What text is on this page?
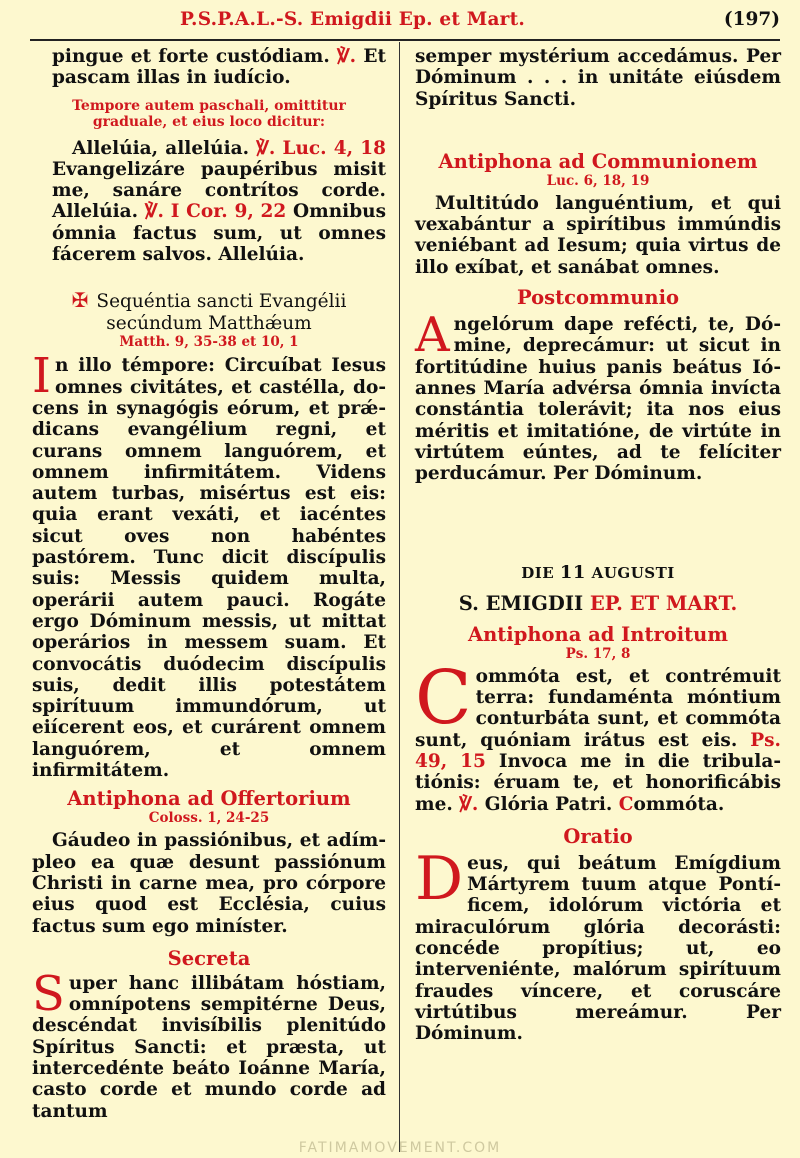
P.S.P.A.L.-S. Emigdii Ep. et Mart.	(197)

pingue et forte custódiam. ℣. Et pascam illas in iudício.

Tempore autem paschali, omittitur graduale, et eius loco dicitur:

Allelúia, allelúia. ℣. Luc. 4, 18 Evangelizáre paupéribus misit me, sanáre contrítos corde. Allelúia. ℣. I Cor. 9, 22 Omnibus ómnia factus sum, ut omnes fácerem salvos. Allelúia.

✠ Sequéntia sancti Evangélii
secúndum Matthǽum
Matth. 9, 35-38 et 10, 1

In illo témpore: Circuíbat Iesus omnes civitátes, et castélla, docens in synagógis eórum, et prǽdicans evangélium regni, et curans omnem languórem, et omnem infirmitátem. Videns autem turbas, misértus est eis: quia erant vexáti, et iacéntes sicut oves non habéntes pastórem. Tunc dicit discípulis suis: Messis quidem multa, operárii autem pauci. Rogáte ergo Dóminum messis, ut mittat operários in messem suam. Et convocátis duódecim discípulis suis, dedit illis potestátem spirítuum immundórum, ut eiícerent eos, et curárent omnem languórem, et omnem infirmitátem.

Antiphona ad Offertorium
Coloss. 1, 24-25

Gáudeo in passiónibus, et adímpleo ea quæ desunt passiónum Christi in carne mea, pro córpore eius quod est Ecclésia, cuius factus sum ego miníster.

Secreta

Super hanc illibátam hóstiam, omnípotens sempitérne Deus, descéndat invisíbilis plenitúdo Spíritus Sancti: et præsta, ut intercedénte beáto Ioánne María, casto corde et mundo corde ad tantum

semper mystérium accedámus. Per Dóminum . . . in unitáte eiúsdem Spíritus Sancti.

Antiphona ad Communionem
Luc. 6, 18, 19

Multitúdo languéntium, et qui vexabántur a spirítibus immúndis veniébant ad Iesum; quia virtus de illo exíbat, et sanábat omnes.

Postcommunio

Angelórum dape refécti, te, Dómine, deprecámur: ut sicut in fortitúdine huius panis beátus Ióannes María advérsa ómnia invícta constántia tolerávit; ita nos eius méritis et imitatióne, de virtúte in virtútem eúntes, ad te felíciter perducámur. Per Dóminum.

DIE 11 AUGUSTI
S. EMIGDII EP. ET MART.
Antiphona ad Introitum
Ps. 17, 8

Commóta est, et contrémuit terra: fundaménta móntium conturbáta sunt, et commóta sunt, quóniam irátus est eis. Ps. 49, 15 Invoca me in die tribulatiónis: éruam te, et honorificábis me. ℣. Glória Patri. Commóta.

Oratio

Deus, qui beátum Emígdium Mártyrem tuum atque Pontíficem, idolórum victória et miraculórum glória decorásti: concéde propítius; ut, eo interveniénte, malórum spirítuum fraudes víncere, et coruscáre virtútibus mereámur. Per Dóminum.

FATIMAMOVEMENT.COM
